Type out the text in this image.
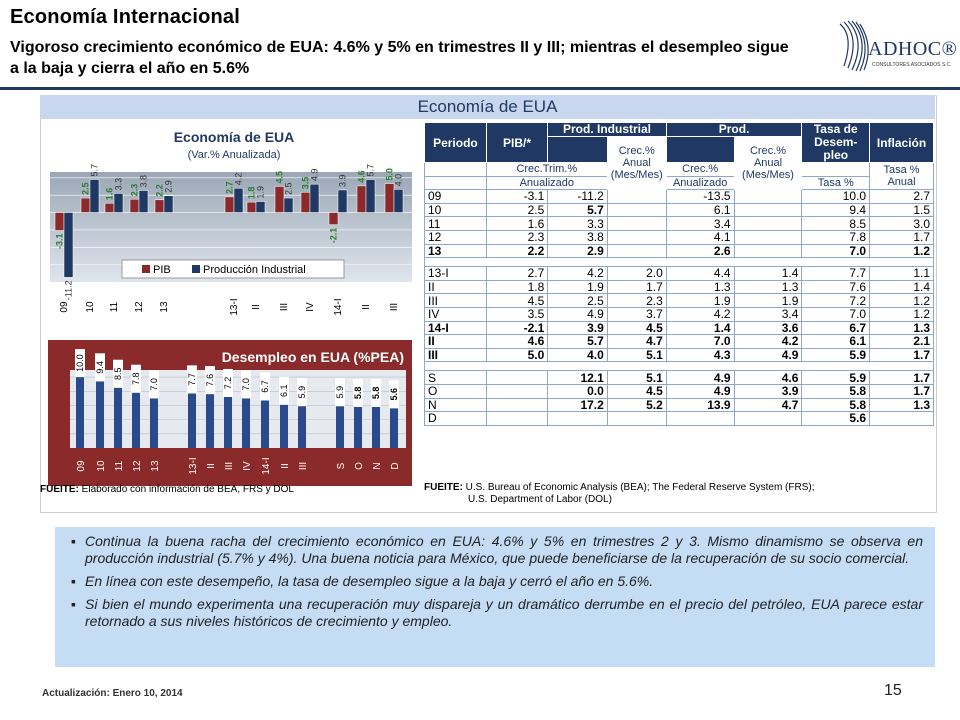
Economía Internacional
Vigoroso crecimiento económico de EUA: 4.6% y 5% en trimestres II y III; mientras el desempleo sigue a la baja y cierra el año en 5.6%
ADHOC®
CONSULTORES ASOCIADOS S.C.
Economía de EUA
Economía de EUA
(Var.% Anualizada)
-3.1
-11.2
2.5
5.7
1.6
3.3 2.3
3.8
2.2 2.9	2.7
4.2
1.8 1.9
4.5
2.5 3.5
4.9
-2.1
3.9 4.6
5.7 5.0 4.0
09 10 11 12 13	13-I II III IV 14-I II III
PIB	Producción Industrial
Desempleo en EUA (%PEA)
10.0 9.4
8.5 7.8 7.0	7.7 7.6 7.2 7.0 6.7 6.1 5.9	5.9 5.8 5.8 5.6
09 10 11 12 13	13-I II III IV 14-I II III	S O N D
Periodo	PIB/*	Prod. Industrial		Prod.		Tasa de Desem-pleo	Inflación
			Crec.% Anual (Mes/Mes)		Crec.% Anual (Mes/Mes)		
	Crec.Trim.%			Crec.%			Tasa % Anual
	Anualizado			Anualizado		Tasa %	
09	-3.1	-11.2		-13.5		10.0	2.7
10	2.5	5.7		6.1		9.4	1.5
11	1.6	3.3		3.4		8.5	3.0
12	2.3	3.8		4.1		7.8	1.7
13	2.2	2.9		2.6		7.0	1.2

13-I	2.7	4.2	2.0	4.4	1.4	7.7	1.1
II	1.8	1.9	1.7	1.3	1.3	7.6	1.4
III	4.5	2.5	2.3	1.9	1.9	7.2	1.2
IV	3.5	4.9	3.7	4.2	3.4	7.0	1.2
14-I	-2.1	3.9	4.5	1.4	3.6	6.7	1.3
II	4.6	5.7	4.7	7.0	4.2	6.1	2.1
III	5.0	4.0	5.1	4.3	4.9	5.9	1.7

S		12.1	5.1	4.9	4.6	5.9	1.7
O		0.0	4.5	4.9	3.9	5.8	1.7
N		17.2	5.2	13.9	4.7	5.8	1.3
D						5.6	
FUEITE: Elaborado con información de BEA, FRS y DOL	FUEITE: U.S. Bureau of Economic Analysis (BEA); The Federal Reserve System (FRS);
U.S. Department of Labor (DOL)
▪ Continua la buena racha del crecimiento económico en EUA: 4.6% y 5% en trimestres 2 y 3. Mismo dinamismo se observa en producción industrial (5.7% y 4%). Una buena noticia para México, que puede beneficiarse de la recuperación de su socio comercial.
▪ En línea con este desempeño, la tasa de desempleo sigue a la baja y cerró el año en 5.6%.
▪ Si bien el mundo experimenta una recuperación muy dispareja y un dramático derrumbe en el precio del petróleo, EUA parece estar retornado a sus niveles históricos de crecimiento y empleo.
Actualización: Enero 10, 2014	15
